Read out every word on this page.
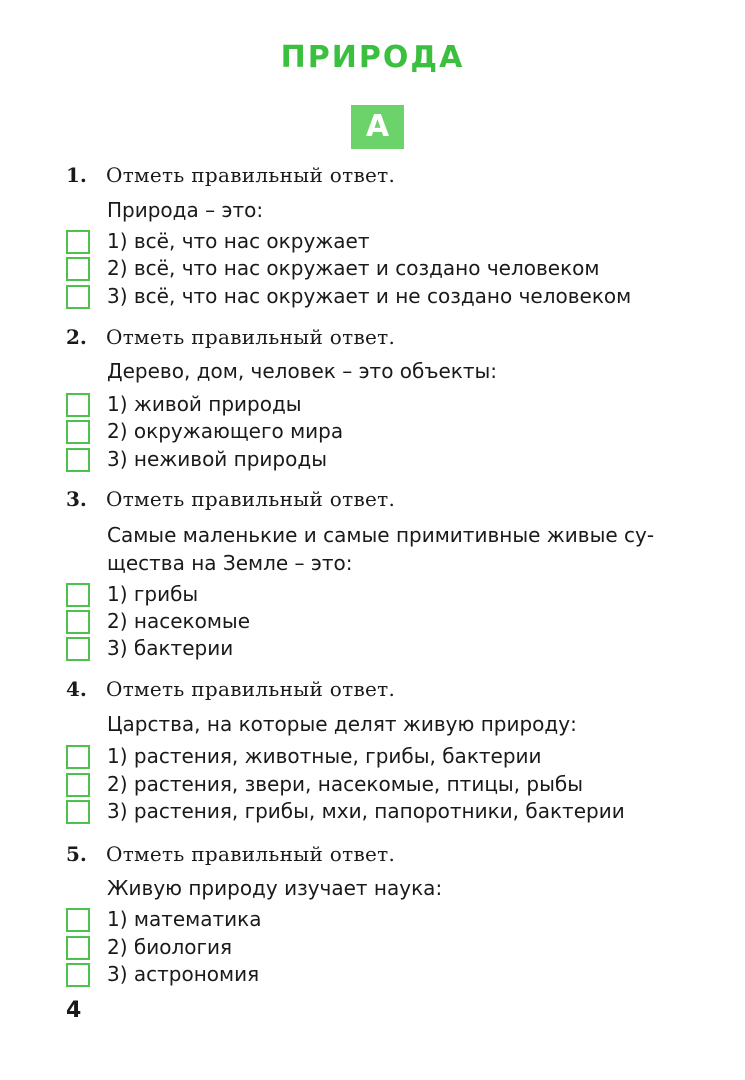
ПРИРОДА
А
1. Отметь правильный ответ.
Природа – это:
1) всё, что нас окружает
2) всё, что нас окружает и создано человеком
3) всё, что нас окружает и не создано человеком
2. Отметь правильный ответ.
Дерево, дом, человек – это объекты:
1) живой природы
2) окружающего мира
3) неживой природы
3. Отметь правильный ответ.
Самые маленькие и самые примитивные живые су-
щества на Земле – это:
1) грибы
2) насекомые
3) бактерии
4. Отметь правильный ответ.
Царства, на которые делят живую природу:
1) растения, животные, грибы, бактерии
2) растения, звери, насекомые, птицы, рыбы
3) растения, грибы, мхи, папоротники, бактерии
5. Отметь правильный ответ.
Живую природу изучает наука:
1) математика
2) биология
3) астрономия
4
